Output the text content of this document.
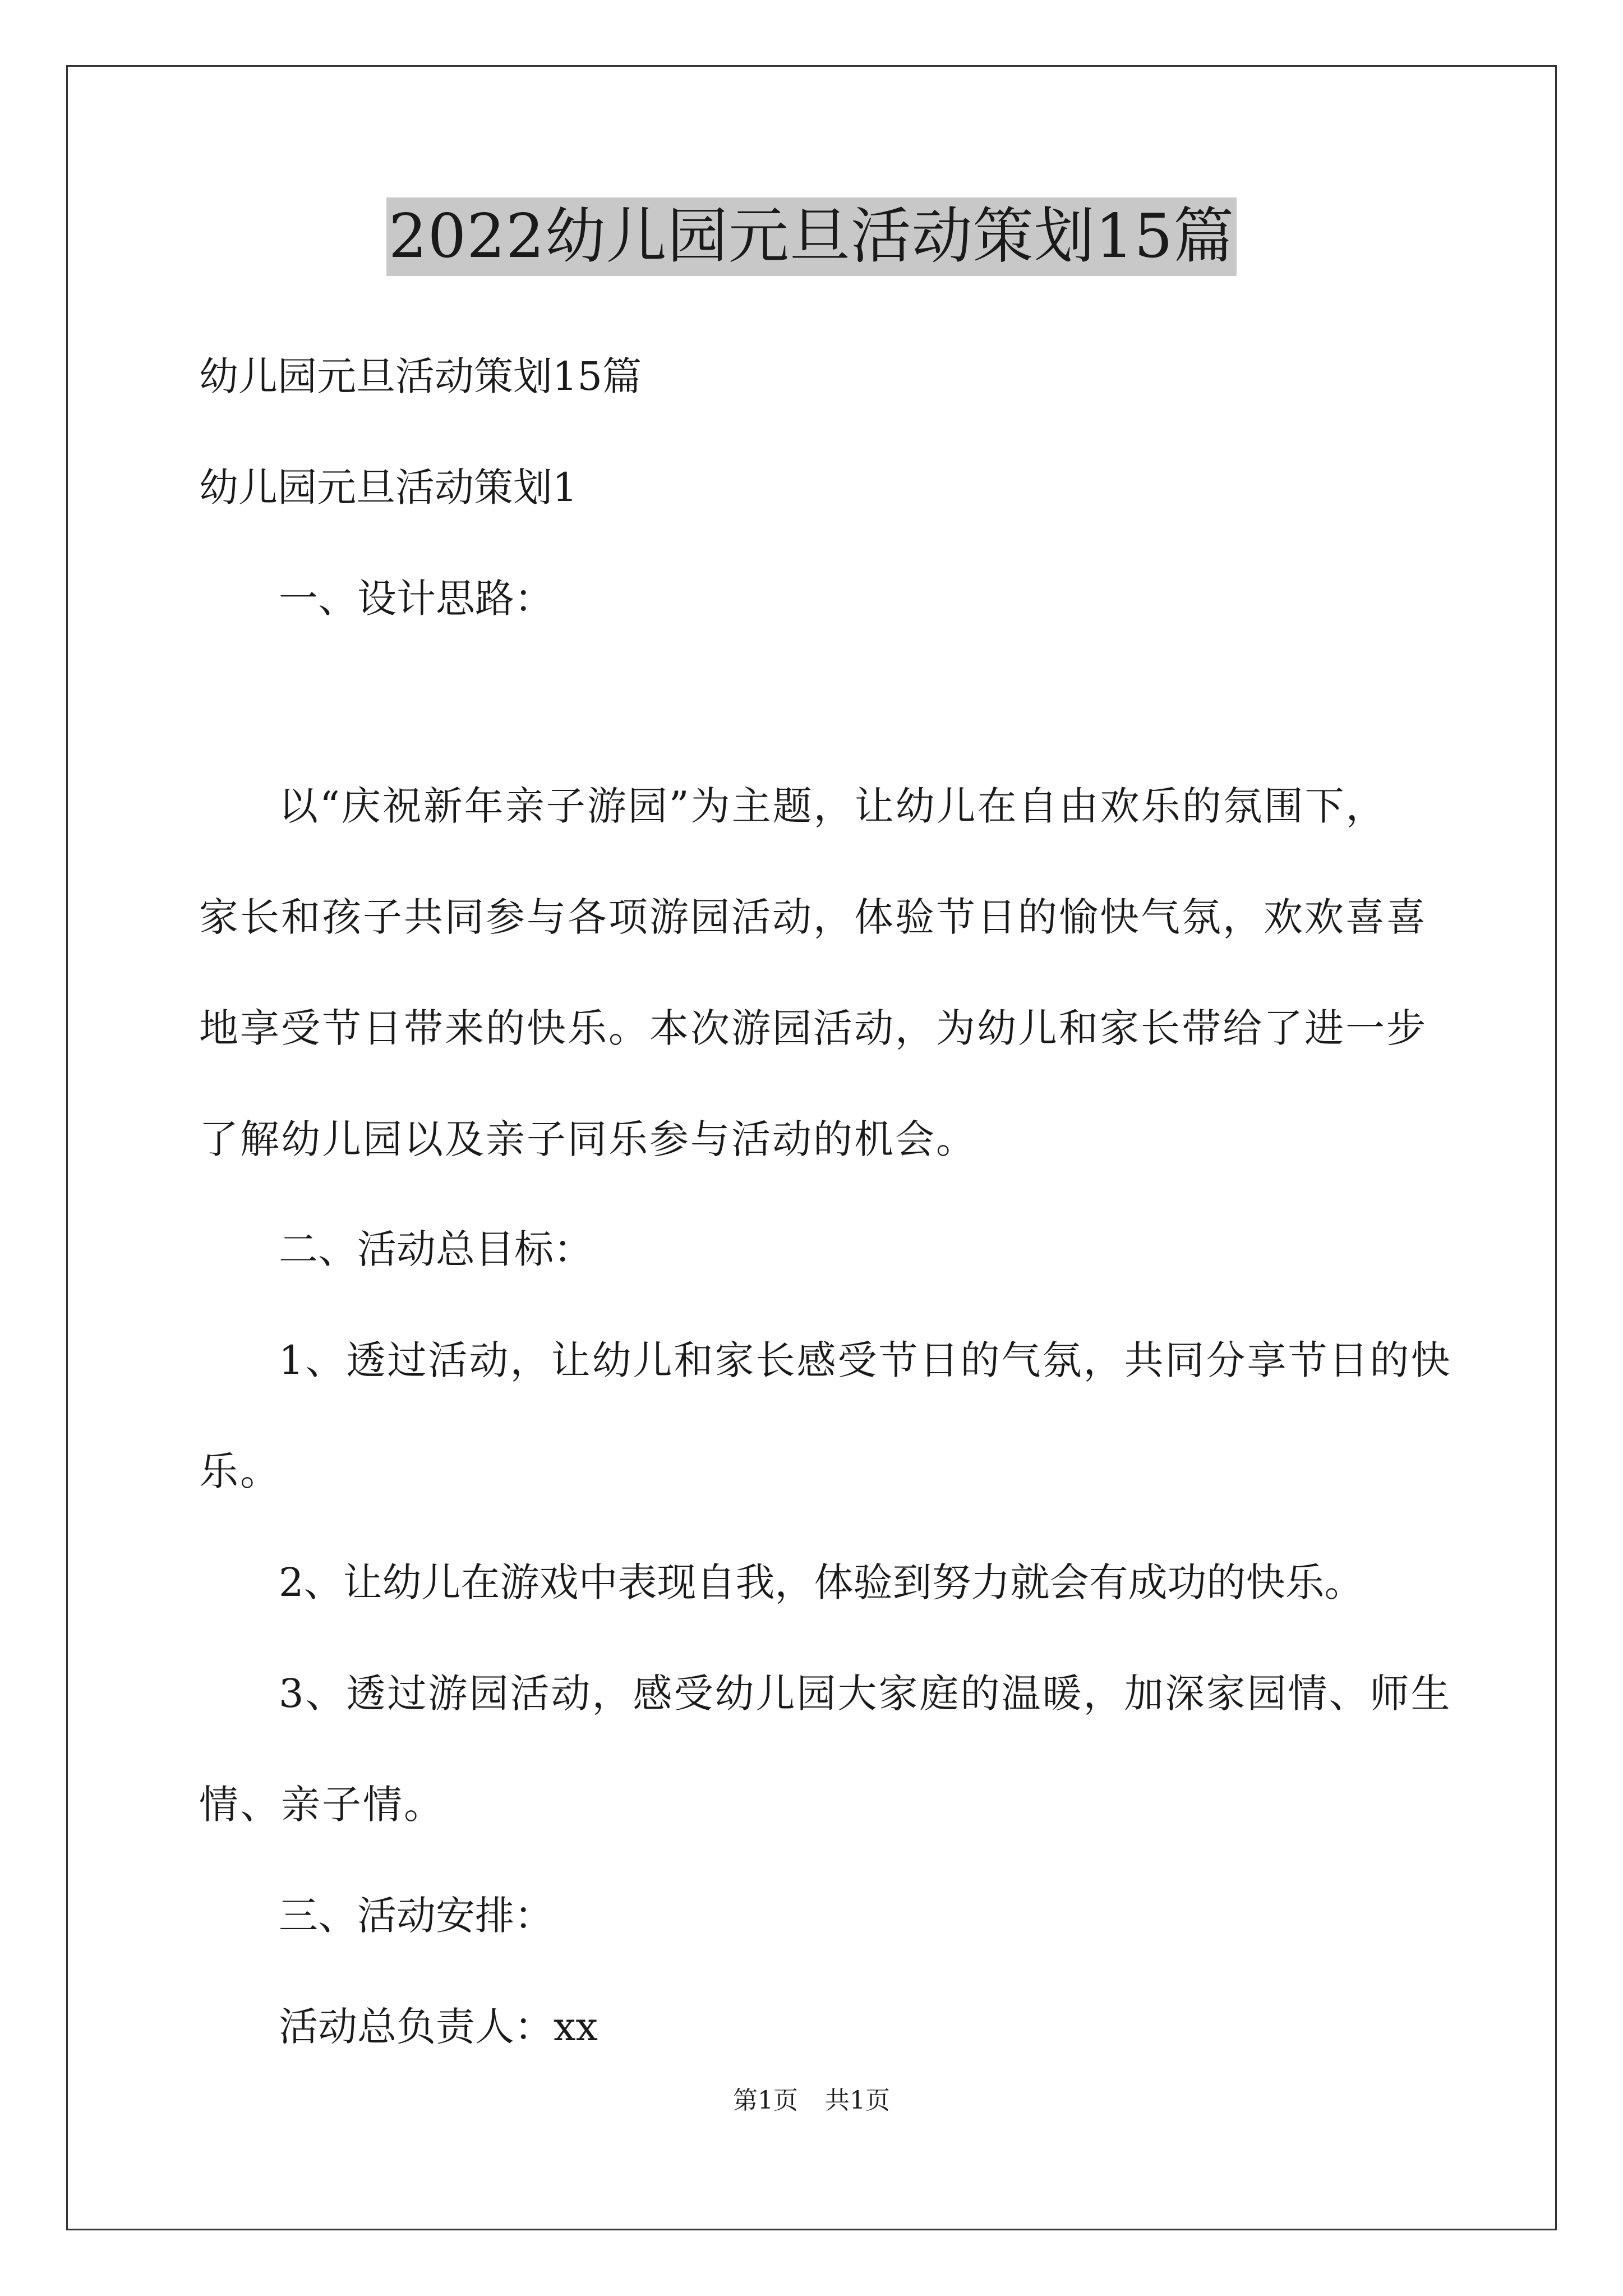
2022幼儿园元旦活动策划15篇

幼儿园元旦活动策划15篇

幼儿园元旦活动策划1

一、设计思路：

以“庆祝新年亲子游园”为主题，让幼儿在自由欢乐的氛围下，
家长和孩子共同参与各项游园活动，体验节日的愉快气氛，欢欢喜喜
地享受节日带来的快乐。本次游园活动，为幼儿和家长带给了进一步
了解幼儿园以及亲子同乐参与活动的机会。

二、活动总目标：

1、透过活动，让幼儿和家长感受节日的气氛，共同分享节日的快
乐。

2、让幼儿在游戏中表现自我，体验到努力就会有成功的快乐。

3、透过游园活动，感受幼儿园大家庭的温暖，加深家园情、师生
情、亲子情。

三、活动安排：

活动总负责人：xx

第1页 共1页
